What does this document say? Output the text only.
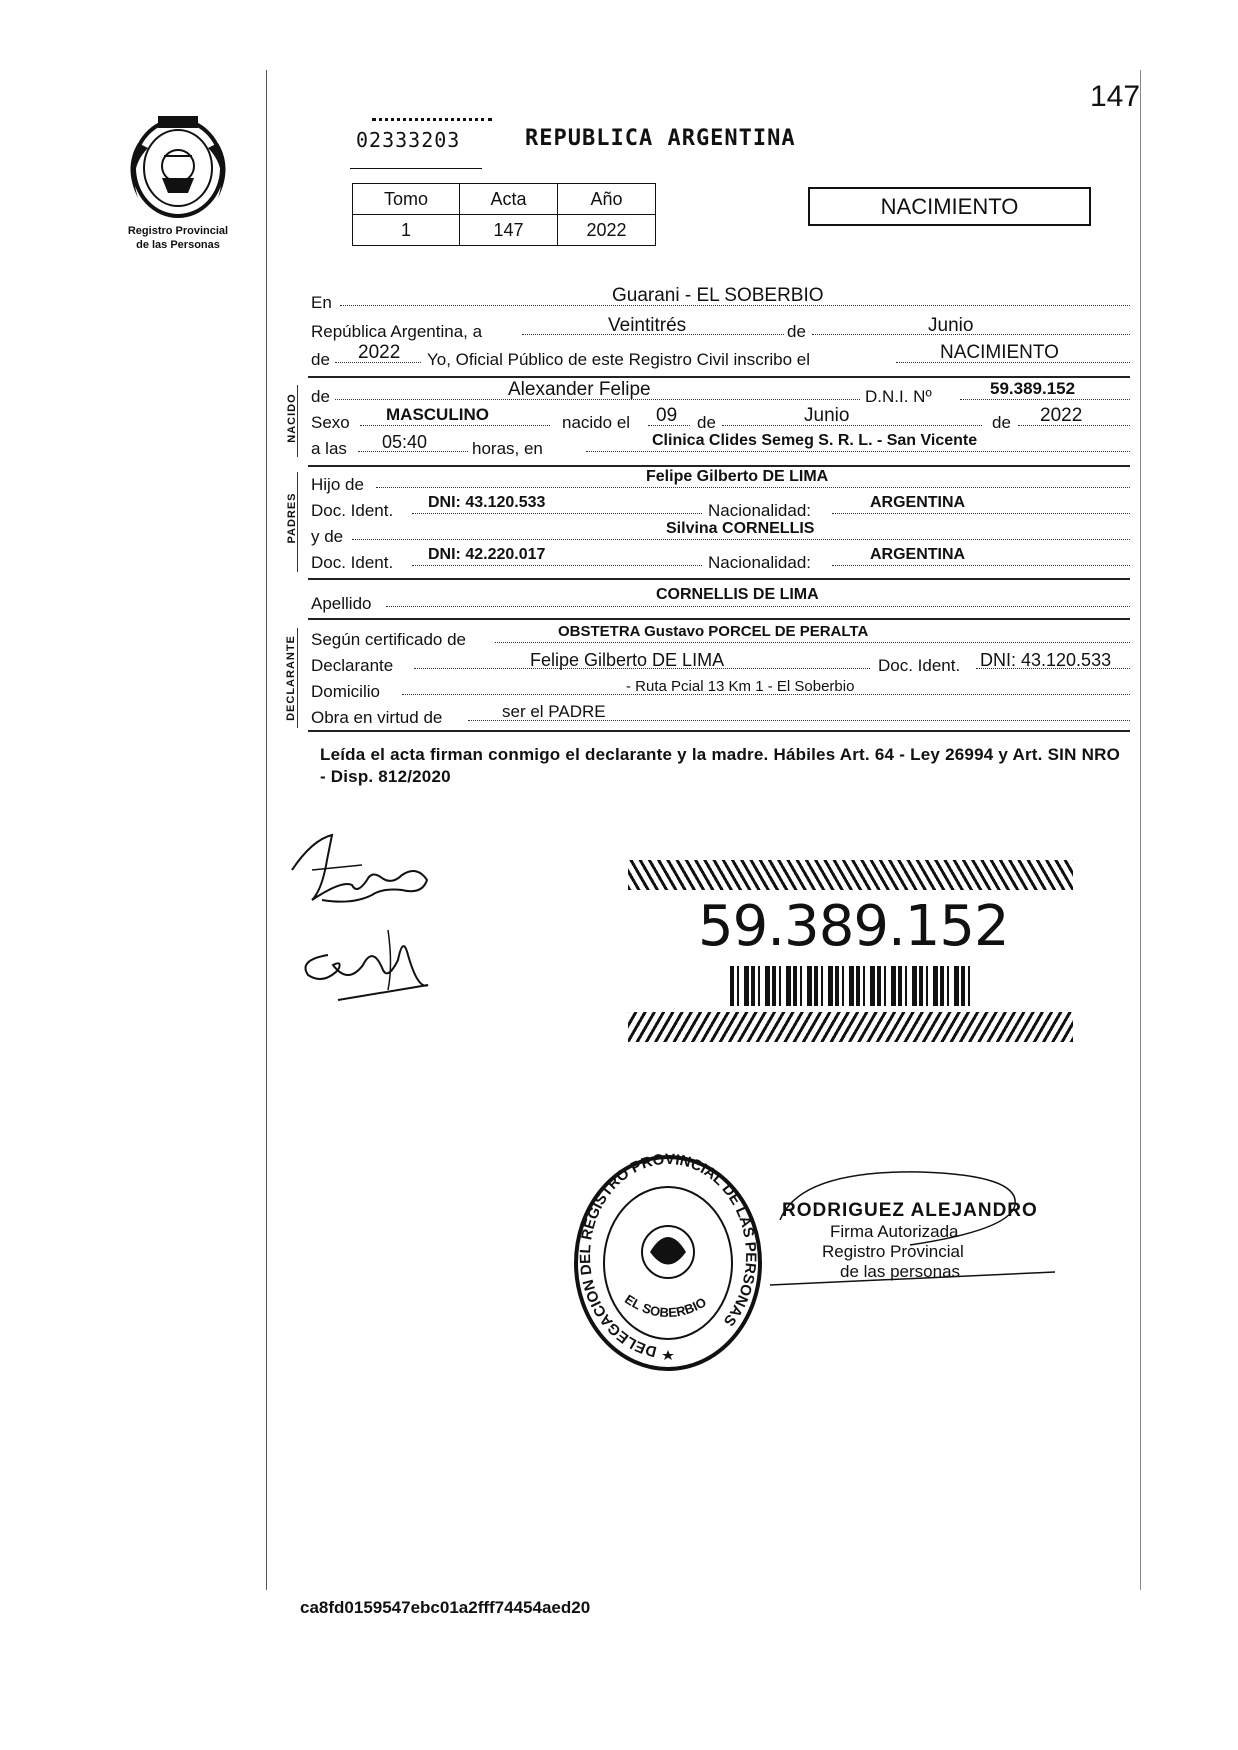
147
Registro Provincial
de las Personas
02333203	REPUBLICA ARGENTINA
Tomo	Acta	Año
1	147	2022
NACIMIENTO
En	Guarani - EL SOBERBIO
República Argentina, a	Veintitrés	de	Junio
de 2022 Yo, Oficial Público de este Registro Civil inscribo el	NACIMIENTO
NACIDO de	Alexander Felipe	D.N.I. Nº	59.389.152
Sexo MASCULINO	nacido el 09 de	Junio	de 2022
a las 05:40	horas, en	Clinica Clides Semeg S. R. L. - San Vicente
PADRES
Hijo de	Felipe Gilberto DE LIMA
Doc. Ident. DNI: 43.120.533	Nacionalidad:	ARGENTINA
y de	Silvina CORNELLIS
Doc. Ident. DNI: 42.220.017	Nacionalidad:	ARGENTINA
Apellido	CORNELLIS DE LIMA
DECLARANTE Según certificado de	OBSTETRA Gustavo PORCEL DE PERALTA
Declarante	Felipe Gilberto DE LIMA	Doc. Ident. DNI: 43.120.533
Domicilio	- Ruta Pcial 13 Km 1 - El Soberbio
Obra en virtud de	ser el PADRE
Leída el acta firman conmigo el declarante y la madre. Hábiles Art. 64 - Ley 26994 y Art. SIN NRO - Disp. 812/2020
59.389.152
DELEGACION DEL REGISTRO PROVINCIAL DE LAS PERSONAS
EL SOBERBIO
RODRIGUEZ ALEJANDRO
Firma Autorizada
Registro Provincial
de las personas
ca8fd0159547ebc01a2fff74454aed20
